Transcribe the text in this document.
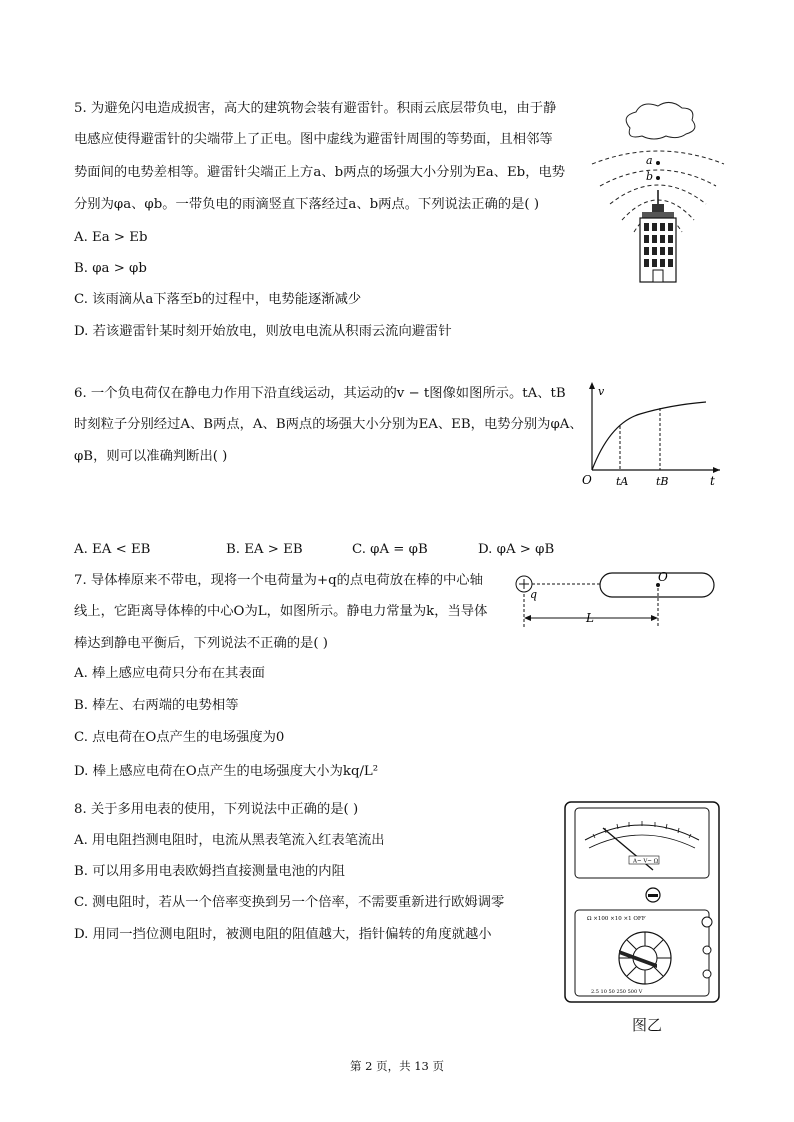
5. 为避免闪电造成损害，高大的建筑物会装有避雷针。积雨云底层带负电，由于静
电感应使得避雷针的尖端带上了正电。图中虚线为避雷针周围的等势面，且相邻等
势面间的电势差相等。避雷针尖端正上方a、b两点的场强大小分别为Ea、Eb，电势
分别为φa、φb。一带负电的雨滴竖直下落经过a、b两点。下列说法正确的是( )
A. Ea > Eb
B. φa > φb
C. 该雨滴从a下落至b的过程中，电势能逐渐减少
D. 若该避雷针某时刻开始放电，则放电电流从积雨云流向避雷针
a
b
6. 一个负电荷仅在静电力作用下沿直线运动，其运动的v − t图像如图所示。tA、tB
时刻粒子分别经过A、B两点，A、B两点的场强大小分别为EA、EB，电势分别为φA、
φB，则可以准确判断出( )
v
O	t
tA	tB
A. EA < EB	B. EA > EB	C. φA = φB	D. φA > φB
7. 导体棒原来不带电，现将一个电荷量为+q的点电荷放在棒的中心轴
线上，它距离导体棒的中心O为L，如图所示。静电力常量为k，当导体
棒达到静电平衡后，下列说法不正确的是( )
q
O
L
A. 棒上感应电荷只分布在其表面
B. 棒左、右两端的电势相等
C. 点电荷在O点产生的电场强度为0
D. 棒上感应电荷在O点产生的电场强度大小为kq/L²
8. 关于多用电表的使用，下列说法中正确的是( )
A. 用电阻挡测电阻时，电流从黑表笔流入红表笔流出
B. 可以用多用电表欧姆挡直接测量电池的内阻
C. 测电阻时，若从一个倍率变换到另一个倍率，不需要重新进行欧姆调零
D. 用同一挡位测电阻时，被测电阻的阻值越大，指针偏转的角度就越小
A~ V~ Ω
Ω ×100 ×10 ×1 OFF
2.5 10 50 250 500 V
图乙
第 2 页，共 13 页
